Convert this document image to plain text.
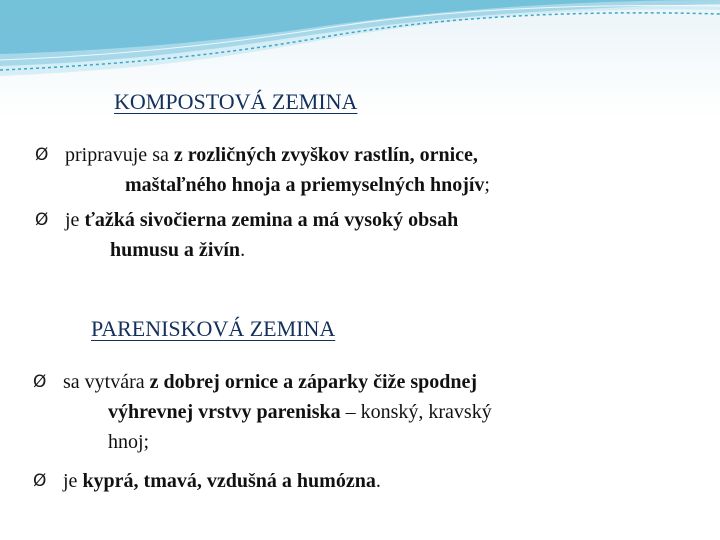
KOMPOSTOVÁ ZEMINA
Ø pripravuje sa z rozličných zvyškov rastlín, ornice,
maštaľného hnoja a priemyselných hnojív;
Ø je ťažká sivočierna zemina a má vysoký obsah
humusu a živín.
PARENISKOVÁ ZEMINA
Ø sa vytvára z dobrej ornice a záparky čiže spodnej
výhrevnej vrstvy pareniska – konský, kravský
hnoj;
Ø je kyprá, tmavá, vzdušná a humózna.
